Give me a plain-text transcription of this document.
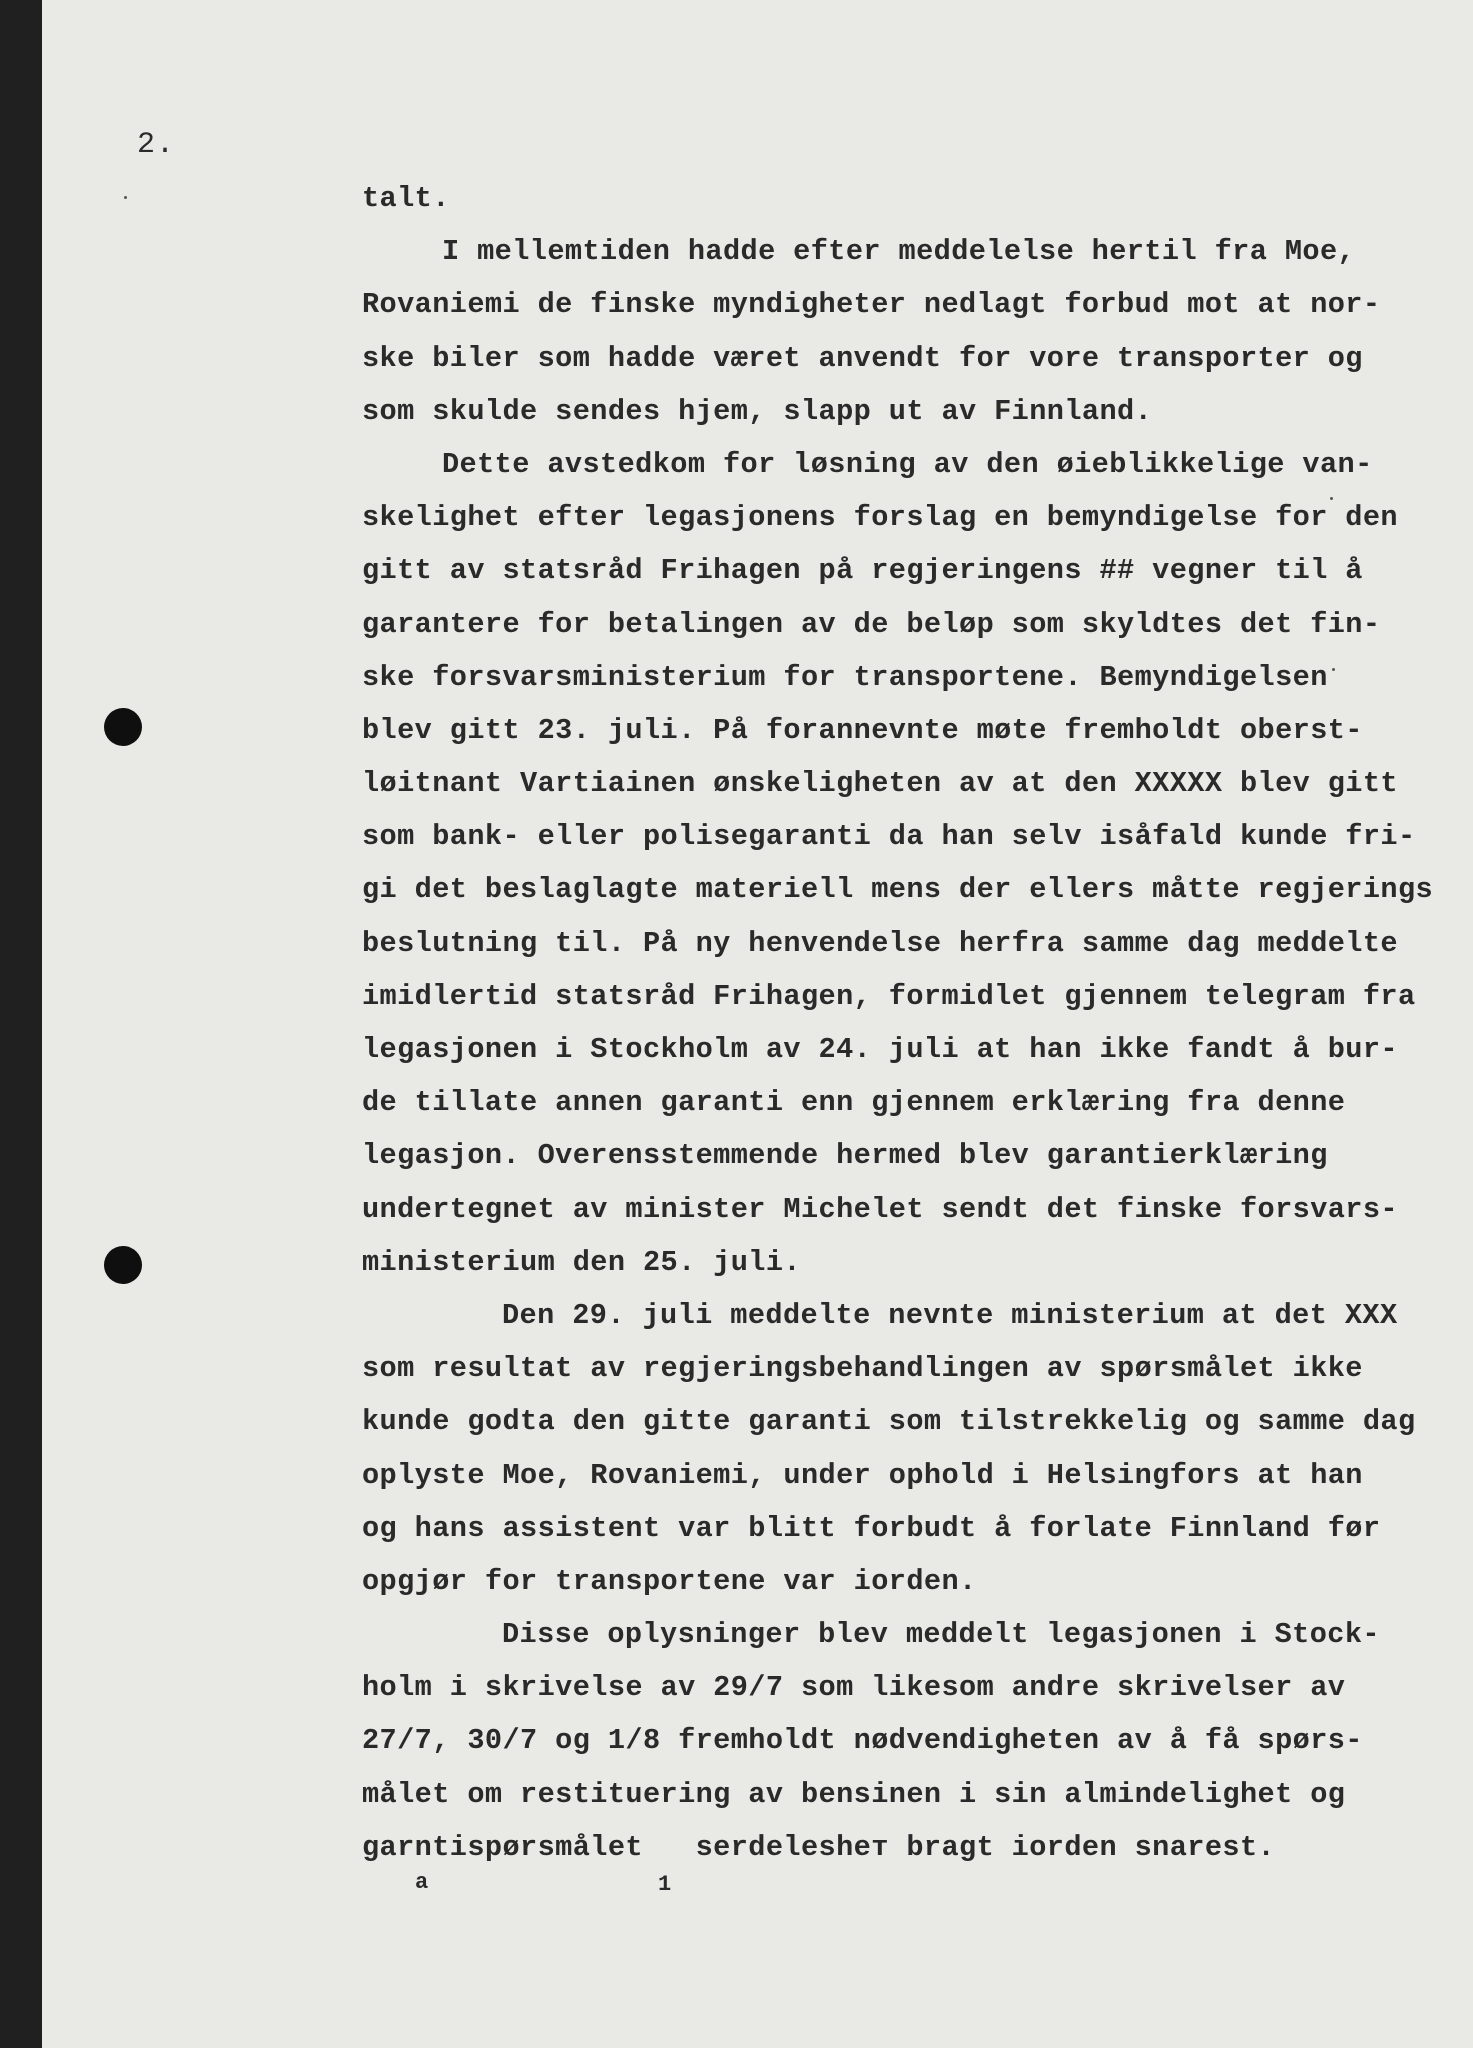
2.
talt.
I mellemtiden hadde efter meddelelse hertil fra Moe,
Rovaniemi de finske myndigheter nedlagt forbud mot at nor-
ske biler som hadde været anvendt for vore transporter og
som skulde sendes hjem, slapp ut av Finnland.
Dette avstedkom for løsning av den øieblikkelige van-
skelighet efter legasjonens forslag en bemyndigelse for den
gitt av statsråd Frihagen på regjeringens ## vegner til å
garantere for betalingen av de beløp som skyldtes det fin-
ske forsvarsministerium for transportene. Bemyndigelsen
blev gitt 23. juli. På forannevnte møte fremholdt oberst-
løitnant Vartiainen ønskeligheten av at den XXXXX blev gitt
som bank- eller polisegaranti da han selv isåfald kunde fri-
gi det beslaglagte materiell mens der ellers måtte regjerings
beslutning til. På ny henvendelse herfra samme dag meddelte
imidlertid statsråd Frihagen, formidlet gjennem telegram fra
legasjonen i Stockholm av 24. juli at han ikke fandt å bur-
de tillate annen garanti enn gjennem erklæring fra denne
legasjon. Overensstemmende hermed blev garantierklæring
undertegnet av minister Michelet sendt det finske forsvars-
ministerium den 25. juli.
Den 29. juli meddelte nevnte ministerium at det XXX
som resultat av regjeringsbehandlingen av spørsmålet ikke
kunde godta den gitte garanti som tilstrekkelig og samme dag
oplyste Moe, Rovaniemi, under ophold i Helsingfors at han
og hans assistent var blitt forbudt å forlate Finnland før
opgjør for transportene var iorden.
Disse oplysninger blev meddelt legasjonen i Stock-
holm i skrivelse av 29/7 som likesom andre skrivelser av
27/7, 30/7 og 1/8 fremholdt nødvendigheten av å få spørs-
målet om restituering av bensinen i sin almindelighet og
garntispørsmålet   serdelesheт bragt iorden snarest.
a	1
